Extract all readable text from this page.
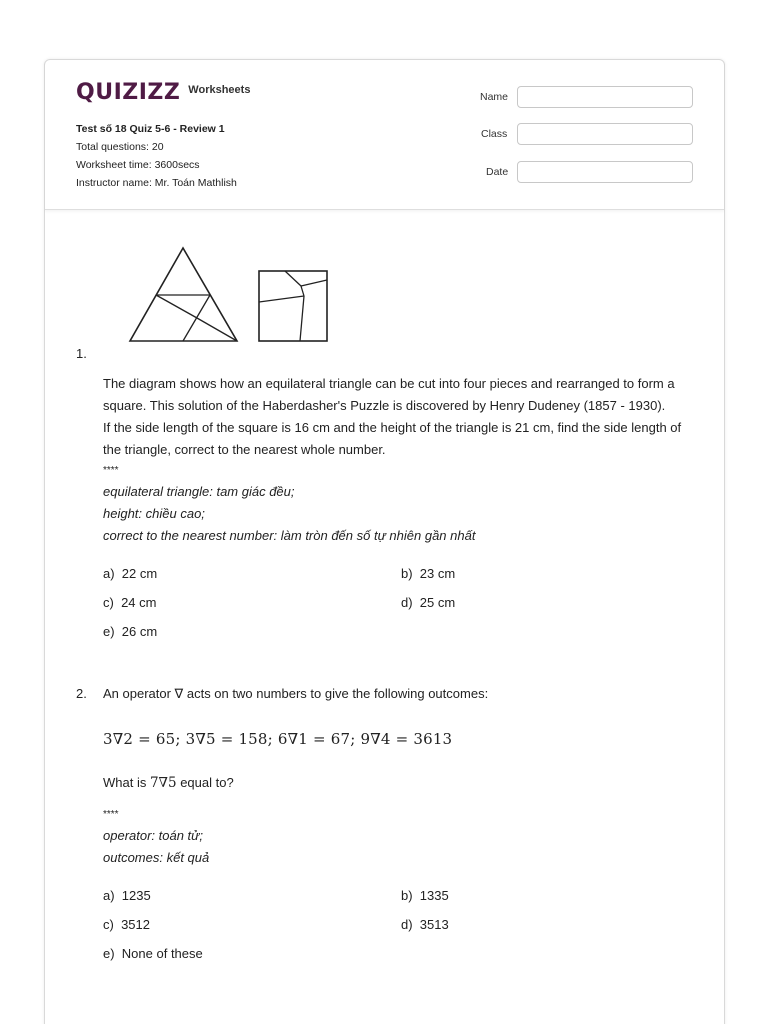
QUIZIZZ Worksheets
Test số 18 Quiz 5-6 - Review 1
Total questions: 20
Worksheet time: 3600secs
Instructor name: Mr. Toán Mathlish
Name
Class
Date
1.
The diagram shows how an equilateral triangle can be cut into four pieces and rearranged to form a
square. This solution of the Haberdasher's Puzzle is discovered by Henry Dudeney (1857 - 1930).
If the side length of the square is 16 cm and the height of the triangle is 21 cm, find the side length of
the triangle, correct to the nearest whole number.
****
equilateral triangle: tam giác đều;
height: chiều cao;
correct to the nearest number: làm tròn đến số tự nhiên gần nhất
a) 22 cm	b) 23 cm
c) 24 cm	d) 25 cm
e) 26 cm
2. An operator ∇ acts on two numbers to give the following outcomes:
3∇2 = 65; 3∇5 = 158; 6∇1 = 67; 9∇4 = 3613
What is 7∇5 equal to?
****
operator: toán tử;
outcomes: kết quả
a) 1235	b) 1335
c) 3512	d) 3513
e) None of these
